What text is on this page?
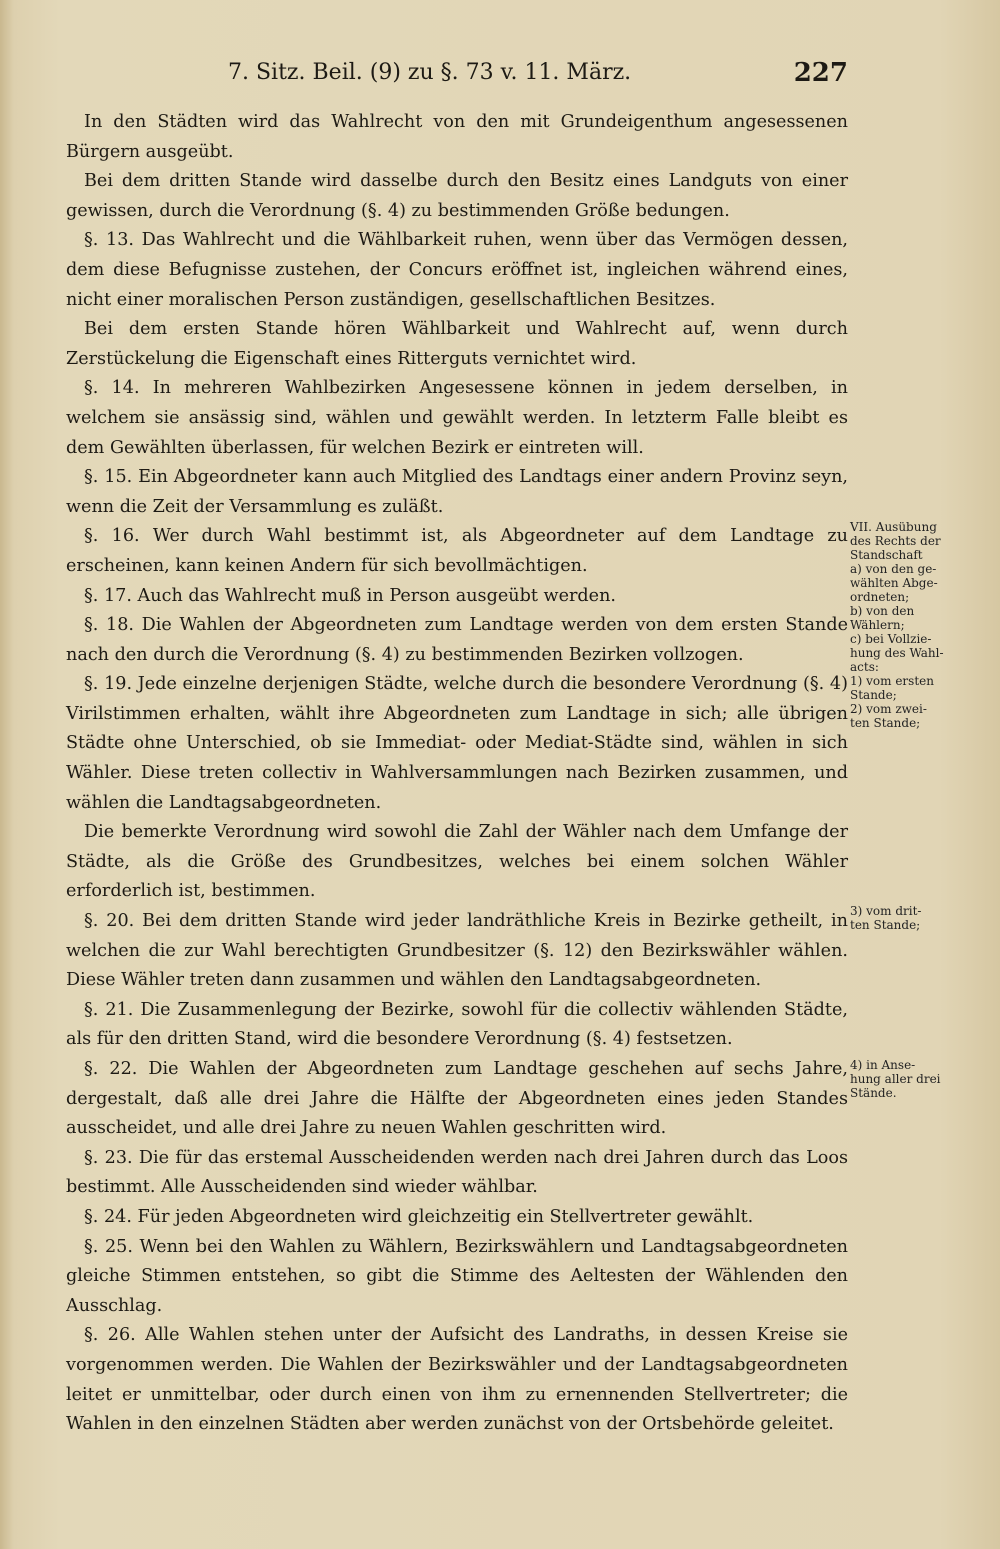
7. Sitz. Beil. (9) zu §. 73 v. 11. März.	227

In den Städten wird das Wahlrecht von den mit Grundeigenthum angesessenen Bürgern ausgeübt.

Bei dem dritten Stande wird dasselbe durch den Besitz eines Landguts von einer gewissen, durch die Verordnung (§. 4) zu bestimmenden Größe bedungen.

§. 13. Das Wahlrecht und die Wählbarkeit ruhen, wenn über das Vermögen dessen, dem diese Befugnisse zustehen, der Concurs eröffnet ist, ingleichen während eines, nicht einer moralischen Person zuständigen, gesellschaftlichen Besitzes.

Bei dem ersten Stande hören Wählbarkeit und Wahlrecht auf, wenn durch Zerstückelung die Eigenschaft eines Ritterguts vernichtet wird.

§. 14. In mehreren Wahlbezirken Angesessene können in jedem derselben, in welchem sie ansässig sind, wählen und gewählt werden. In letzterm Falle bleibt es dem Gewählten überlassen, für welchen Bezirk er eintreten will.

§. 15. Ein Abgeordneter kann auch Mitglied des Landtags einer andern Provinz seyn, wenn die Zeit der Versammlung es zuläßt.

§. 16. Wer durch Wahl bestimmt ist, als Abgeordneter auf dem Landtage zu erscheinen, kann keinen Andern für sich bevollmächtigen.

§. 17. Auch das Wahlrecht muß in Person ausgeübt werden.

§. 18. Die Wahlen der Abgeordneten zum Landtage werden von dem ersten Stande nach den durch die Verordnung (§. 4) zu bestimmenden Bezirken vollzogen.

§. 19. Jede einzelne derjenigen Städte, welche durch die besondere Verordnung (§. 4) Virilstimmen erhalten, wählt ihre Abgeordneten zum Landtage in sich; alle übrigen Städte ohne Unterschied, ob sie Immediat- oder Mediat-Städte sind, wählen in sich Wähler. Diese treten collectiv in Wahlversammlungen nach Bezirken zusammen, und wählen die Landtagsabgeordneten.

Die bemerkte Verordnung wird sowohl die Zahl der Wähler nach dem Umfange der Städte, als die Größe des Grundbesitzes, welches bei einem solchen Wähler erforderlich ist, bestimmen.

§. 20. Bei dem dritten Stande wird jeder landräthliche Kreis in Bezirke getheilt, in welchen die zur Wahl berechtigten Grundbesitzer (§. 12) den Bezirkswähler wählen. Diese Wähler treten dann zusammen und wählen den Landtagsabgeordneten.

§. 21. Die Zusammenlegung der Bezirke, sowohl für die collectiv wählenden Städte, als für den dritten Stand, wird die besondere Verordnung (§. 4) festsetzen.

§. 22. Die Wahlen der Abgeordneten zum Landtage geschehen auf sechs Jahre, dergestalt, daß alle drei Jahre die Hälfte der Abgeordneten eines jeden Standes ausscheidet, und alle drei Jahre zu neuen Wahlen geschritten wird.

§. 23. Die für das erstemal Ausscheidenden werden nach drei Jahren durch das Loos bestimmt. Alle Ausscheidenden sind wieder wählbar.

§. 24. Für jeden Abgeordneten wird gleichzeitig ein Stellvertreter gewählt.

§. 25. Wenn bei den Wahlen zu Wählern, Bezirkswählern und Landtagsabgeordneten gleiche Stimmen entstehen, so gibt die Stimme des Aeltesten der Wählenden den Ausschlag.

§. 26. Alle Wahlen stehen unter der Aufsicht des Landraths, in dessen Kreise sie vorgenommen werden. Die Wahlen der Bezirkswähler und der Landtagsabgeordneten leitet er unmittelbar, oder durch einen von ihm zu ernennenden Stellvertreter; die Wahlen in den einzelnen Städten aber werden zunächst von der Ortsbehörde geleitet.

VII. Ausübung
des Rechts der
Standschaft
a) von den ge-
wählten Abge-
ordneten;
b) von den
Wählern;
c) bei Vollzie-
hung des Wahl-
acts:
1) vom ersten
Stande;
2) vom zwei-
ten Stande;
3) vom drit-
ten Stande;
4) in Anse-
hung aller drei
Stände.
